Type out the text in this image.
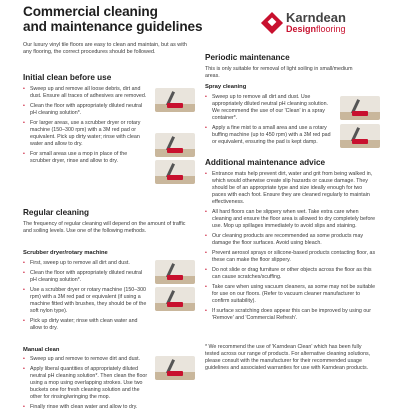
Commercial cleaning
and maintenance guidelines
Karndean
Designflooring

Our luxury vinyl tile floors are easy to clean and maintain, but as with any flooring, the correct procedures should be followed.

Initial clean before use
• Sweep up and remove all loose debris, dirt and dust. Ensure all traces of adhesives are removed.
• Clean the floor with appropriately diluted neutral pH cleaning solution*.
• For larger areas, use a scrubber dryer or rotary machine (150–300 rpm) with a 3M red pad or equivalent. Pick up dirty water; rinse with clean water and allow to dry.
• For small areas use a mop in place of the scrubber dryer, rinse and allow to dry.
Regular cleaning

The frequency of regular cleaning will depend on the amount of traffic and soiling levels. Use one of the following methods.

Scrubber dryer/rotary machine
• First, sweep up to remove all dirt and dust.
• Clean the floor with appropriately diluted neutral pH cleaning solution*.
• Use a scrubber dryer or rotary machine (150–300 rpm) with a 3M red pad or equivalent (if using a machine fitted with brushes, they should be of the soft nylon type).
• Pick up dirty water; rinse with clean water and allow to dry.
Manual clean
• Sweep up and remove to remove dirt and dust.
• Apply liberal quantities of appropriately diluted neutral pH cleaning solution*. Then clean the floor using a mop using overlapping strokes. Use two buckets one for fresh cleaning solution and the other for rinsing/wringing the mop.
• Finally rinse with clean water and allow to dry.
Periodic maintenance

This is only suitable for removal of light soiling in small/medium areas.

Spray cleaning
• Sweep up to remove all dirt and dust. Use appropriately diluted neutral pH cleaning solution. We recommend the use of our 'Clean' in a spray container*.
• Apply a fine mist to a small area and use a rotary buffing machine (up to 450 rpm) with a 3M red pad or equivalent, ensuring the pad is kept damp.
Additional maintenance advice
• Entrance mats help prevent dirt, water and grit from being walked in, which would otherwise create slip hazards or cause damage. They should be of an appropriate type and size ideally enough for two paces with each foot. Ensure they are cleaned regularly to maintain effectiveness.
• All hard floors can be slippery when wet. Take extra care when cleaning and ensure the floor area is allowed to dry completely before use. Mop up spillages immediately to avoid slips and staining.
• Our cleaning products are recommended as some products may damage the floor surfaces. Avoid using bleach.
• Prevent aerosol sprays or silicone-based products contacting floor, as these can make the floor slippery.
• Do not slide or drag furniture or other objects across the floor as this can cause scratches/scuffing.
• Take care when using vacuum cleaners, as some may not be suitable for use on our floors. (Refer to vacuum cleaner manufacturer to confirm suitability).
• If surface scratching does appear this can be improved by using our 'Remove' and 'Commercial Refresh'.

* We recommend the use of 'Karndean Clean' which has been fully tested across our range of products. For alternative cleaning solutions, please consult with the manufacturer for their recommended usage guidelines and associated warranties for use with Karndean products.
